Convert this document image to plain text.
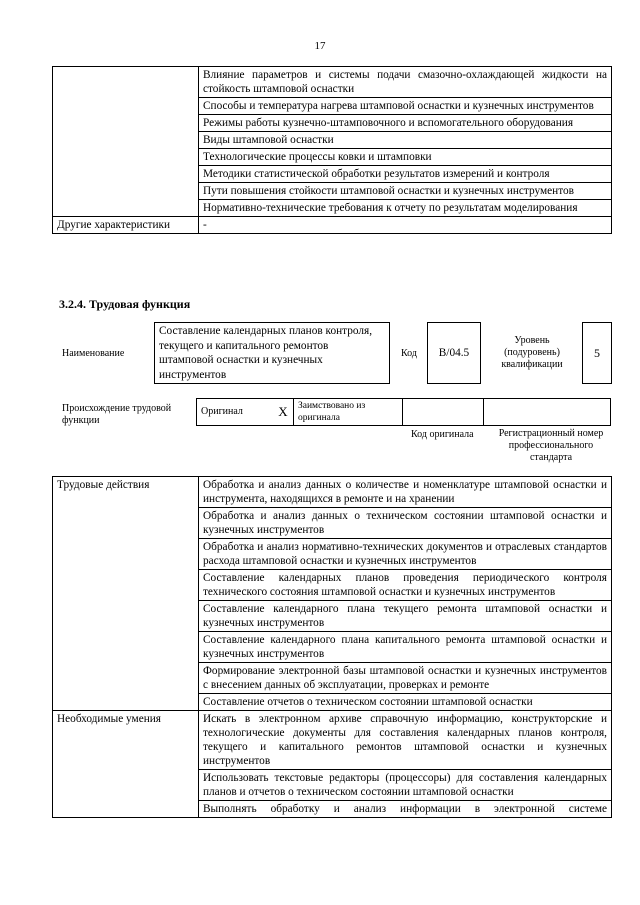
17
	Влияние параметров и системы подачи смазочно-охлаждающей жидкости на стойкость штамповой оснастки
	Способы и температура нагрева штамповой оснастки и кузнечных инструментов
	Режимы работы кузнечно-штамповочного и вспомогательного оборудования
	Виды штамповой оснастки
	Технологические процессы ковки и штамповки
	Методики статистической обработки результатов измерений и контроля
	Пути повышения стойкости штамповой оснастки и кузнечных инструментов
	Нормативно-технические требования к отчету по результатам моделирования
Другие характеристики	-
3.2.4. Трудовая функция
Наименование
Составление календарных планов контроля, текущего и капитального ремонтов штамповой оснастки и кузнечных инструментов
Код	B/04.5
Уровень (подуровень) квалификации
5
Происхождение трудовой функции
Оригинал	X	Заимствовано из оригинала		
Код оригинала	Регистрационный номер профессионального стандарта
Трудовые действия	Обработка и анализ данных о количестве и номенклатуре штамповой оснастки и инструмента, находящихся в ремонте и на хранении
	Обработка и анализ данных о техническом состоянии штамповой оснастки и кузнечных инструментов
	Обработка и анализ нормативно-технических документов и отраслевых стандартов расхода штамповой оснастки и кузнечных инструментов
	Составление календарных планов проведения периодического контроля технического состояния штамповой оснастки и кузнечных инструментов
	Составление календарного плана текущего ремонта штамповой оснастки и кузнечных инструментов
	Составление календарного плана капитального ремонта штамповой оснастки и кузнечных инструментов
	Формирование электронной базы штамповой оснастки и кузнечных инструментов с внесением данных об эксплуатации, проверках и ремонте
	Составление отчетов о техническом состоянии штамповой оснастки
Необходимые умения	Искать в электронном архиве справочную информацию, конструкторские и технологические документы для составления календарных планов контроля, текущего и капитального ремонтов штамповой оснастки и кузнечных инструментов
	Использовать текстовые редакторы (процессоры) для составления календарных планов и отчетов о техническом состоянии штамповой оснастки
	Выполнять обработку и анализ информации в электронной системе
